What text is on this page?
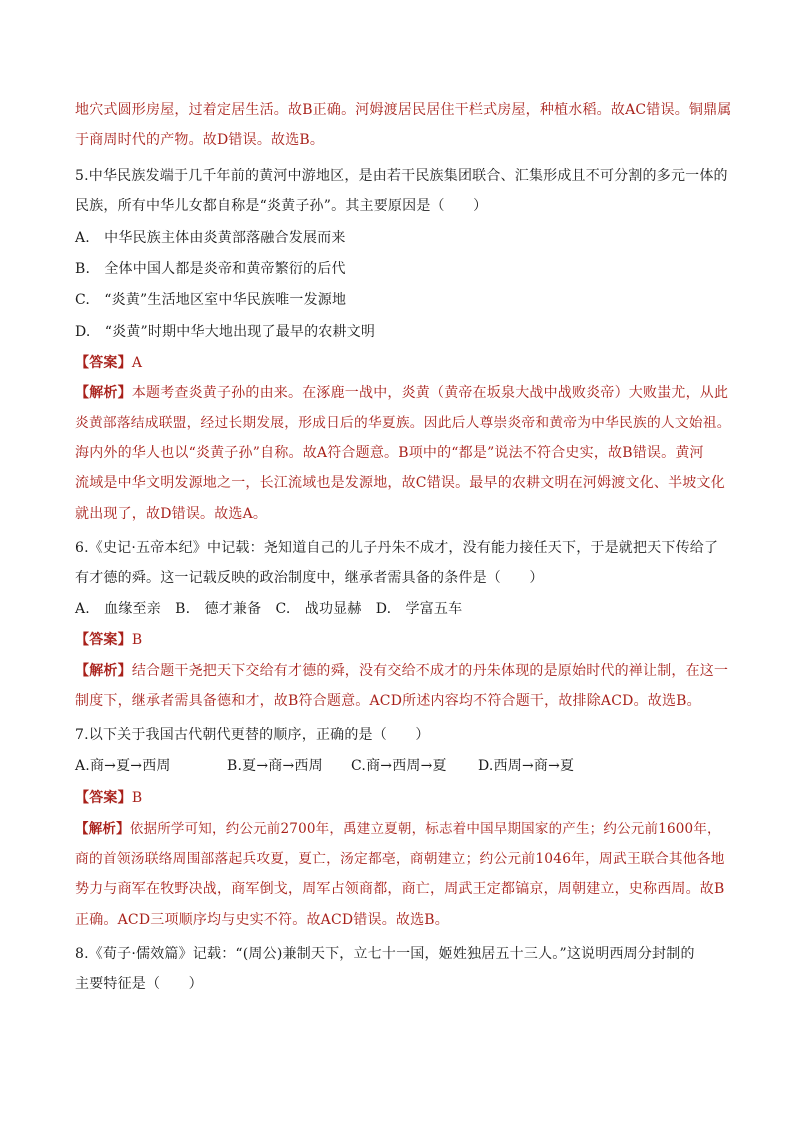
地穴式圆形房屋，过着定居生活。故B正确。河姆渡居民居住干栏式房屋，种植水稻。故AC错误。铜鼎属
于商周时代的产物。故D错误。故选B。
5.中华民族发端于几千年前的黄河中游地区，是由若干民族集团联合、汇集形成且不可分割的多元一体的
民族，所有中华儿女都自称是“炎黄子孙”。其主要原因是（　　）
A.　中华民族主体由炎黄部落融合发展而来
B.　全体中国人都是炎帝和黄帝繁衍的后代
C.　“炎黄”生活地区室中华民族唯一发源地
D.　“炎黄”时期中华大地出现了最早的农耕文明
【答案】A
【解析】本题考查炎黄子孙的由来。在涿鹿一战中，炎黄（黄帝在坂泉大战中战败炎帝）大败蚩尤，从此
炎黄部落结成联盟，经过长期发展，形成日后的华夏族。因此后人尊崇炎帝和黄帝为中华民族的人文始祖。
海内外的华人也以“炎黄子孙”自称。故A符合题意。B项中的“都是”说法不符合史实，故B错误。黄河
流域是中华文明发源地之一，长江流域也是发源地，故C错误。最早的农耕文明在河姆渡文化、半坡文化
就出现了，故D错误。故选A。
6.《史记·五帝本纪》中记载：尧知道自己的儿子丹朱不成才，没有能力接任天下，于是就把天下传给了
有才德的舜。这一记载反映的政治制度中，继承者需具备的条件是（　　）
A.　血缘至亲　B.　德才兼备　C.　战功显赫　D.　学富五车
【答案】B
【解析】结合题干尧把天下交给有才德的舜，没有交给不成才的丹朱体现的是原始时代的禅让制，在这一
制度下，继承者需具备德和才，故B符合题意。ACD所述内容均不符合题干，故排除ACD。故选B。
7.以下关于我国古代朝代更替的顺序，正确的是（　　）
A.商→夏→西周	B.夏→商→西周 C.商→西周→夏 D.西周→商→夏
【答案】B
【解析】依据所学可知，约公元前2700年，禹建立夏朝，标志着中国早期国家的产生；约公元前1600年，
商的首领汤联络周围部落起兵攻夏，夏亡，汤定都亳，商朝建立；约公元前1046年，周武王联合其他各地
势力与商军在牧野决战，商军倒戈，周军占领商都，商亡，周武王定都镐京，周朝建立，史称西周。故B
正确。ACD三项顺序均与史实不符。故ACD错误。故选B。
8.《荀子·儒效篇》记载：“(周公)兼制天下，立七十一国，姬姓独居五十三人。”这说明西周分封制的
主要特征是（　　）
